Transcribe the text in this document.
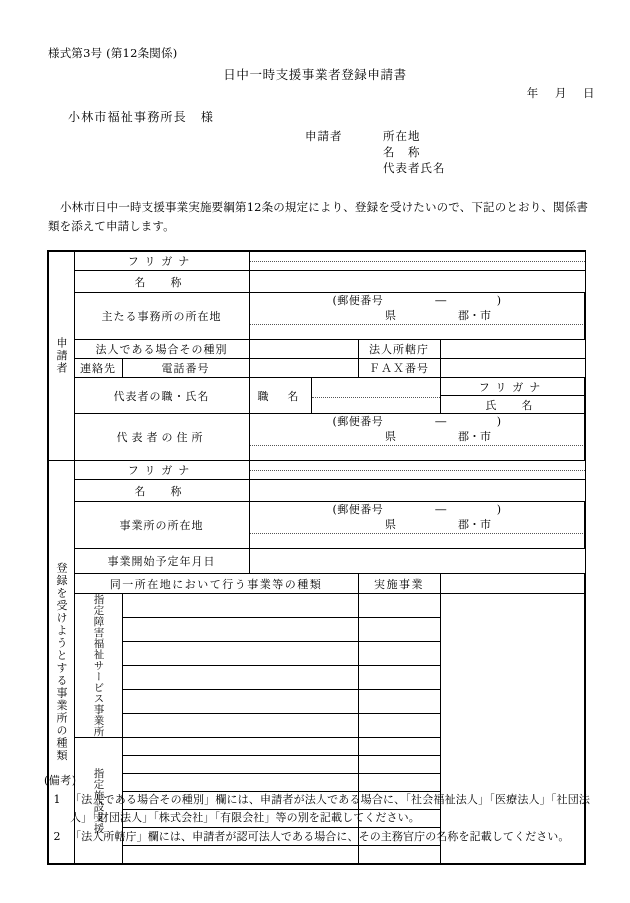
様式第3号 (第12条関係)
日中一時支援事業者登録申請書
年 月 日
小林市福祉事務所長 様
申請者	所在地
名　称
代表者氏名
小林市日中一時支援事業実施要綱第12条の規定により、登録を受けたいので、下記のとおり、関係書類を添えて申請します。
申請者	フリガナ						

	名　称						
	主たる事務所の所在地		(郵便番号 ― )
県 郡・市				

	法人である場合その種別				法人所轄庁		
	連絡先	電話番号			ＦＡＸ番号		
	代表者の職・氏名		職　名			フリガナ	
						氏　名	
	代表者の住所		(郵便番号 ― )
県 郡・市				

登録を受けようとする事業所の種類	フリガナ						

	名　称						
	事業所の所在地		(郵便番号 ― )
県 郡・市				

	事業開始予定年月日						
	同一所在地において行う事業等の種類				実施事業		

	指定障害福祉サービス事業所						

	指定施設支援						

(備考)
1 「法人である場合その種別」欄には、申請者が法人である場合に、「社会福祉法人」「医療法人」「社団法人」「財団法人」「株式会社」「有限会社」等の別を記載してください。
2 「法人所轄庁」欄には、申請者が認可法人である場合に、その主務官庁の名称を記載してください。
